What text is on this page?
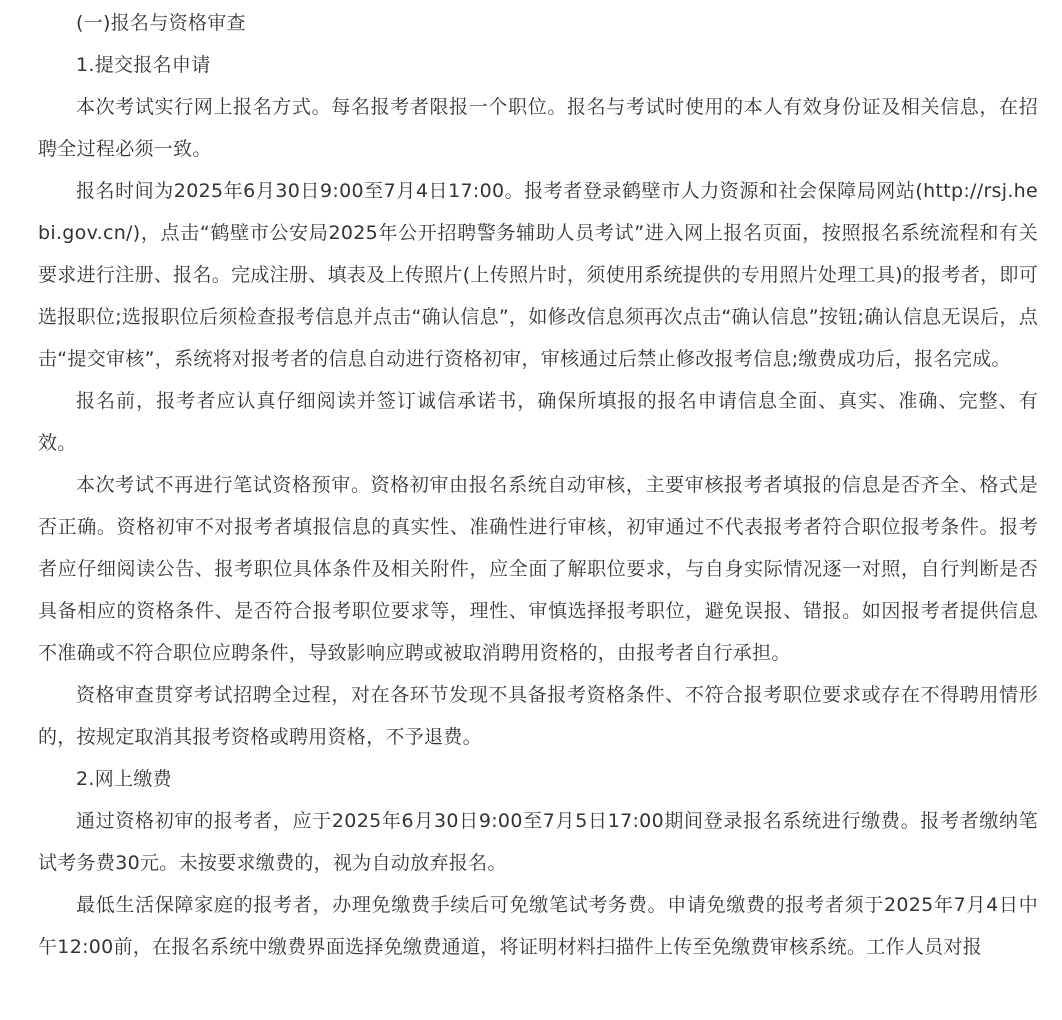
(一)报名与资格审查

1.提交报名申请

本次考试实行网上报名方式。每名报考者限报一个职位。报名与考试时使用的本人有效身份证及相关信息，在招聘全过程必须一致。

报名时间为2025年6月30日9:00至7月4日17:00。报考者登录鹤壁市人力资源和社会保障局网站(http://rsj.hebi.gov.cn/)，点击“鹤壁市公安局2025年公开招聘警务辅助人员考试”进入网上报名页面，按照报名系统流程和有关要求进行注册、报名。完成注册、填表及上传照片(上传照片时，须使用系统提供的专用照片处理工具)的报考者，即可选报职位;选报职位后须检查报考信息并点击“确认信息”，如修改信息须再次点击“确认信息”按钮;确认信息无误后，点击“提交审核”，系统将对报考者的信息自动进行资格初审，审核通过后禁止修改报考信息;缴费成功后，报名完成。

报名前，报考者应认真仔细阅读并签订诚信承诺书，确保所填报的报名申请信息全面、真实、准确、完整、有效。

本次考试不再进行笔试资格预审。资格初审由报名系统自动审核，主要审核报考者填报的信息是否齐全、格式是否正确。资格初审不对报考者填报信息的真实性、准确性进行审核，初审通过不代表报考者符合职位报考条件。报考者应仔细阅读公告、报考职位具体条件及相关附件，应全面了解职位要求，与自身实际情况逐一对照，自行判断是否具备相应的资格条件、是否符合报考职位要求等，理性、审慎选择报考职位，避免误报、错报。如因报考者提供信息不准确或不符合职位应聘条件，导致影响应聘或被取消聘用资格的，由报考者自行承担。

资格审查贯穿考试招聘全过程，对在各环节发现不具备报考资格条件、不符合报考职位要求或存在不得聘用情形的，按规定取消其报考资格或聘用资格，不予退费。

2.网上缴费

通过资格初审的报考者，应于2025年6月30日9:00至7月5日17:00期间登录报名系统进行缴费。报考者缴纳笔试考务费30元。未按要求缴费的，视为自动放弃报名。

最低生活保障家庭的报考者，办理免缴费手续后可免缴笔试考务费。申请免缴费的报考者须于2025年7月4日中午12:00前，在报名系统中缴费界面选择免缴费通道，将证明材料扫描件上传至免缴费审核系统。工作人员对报
